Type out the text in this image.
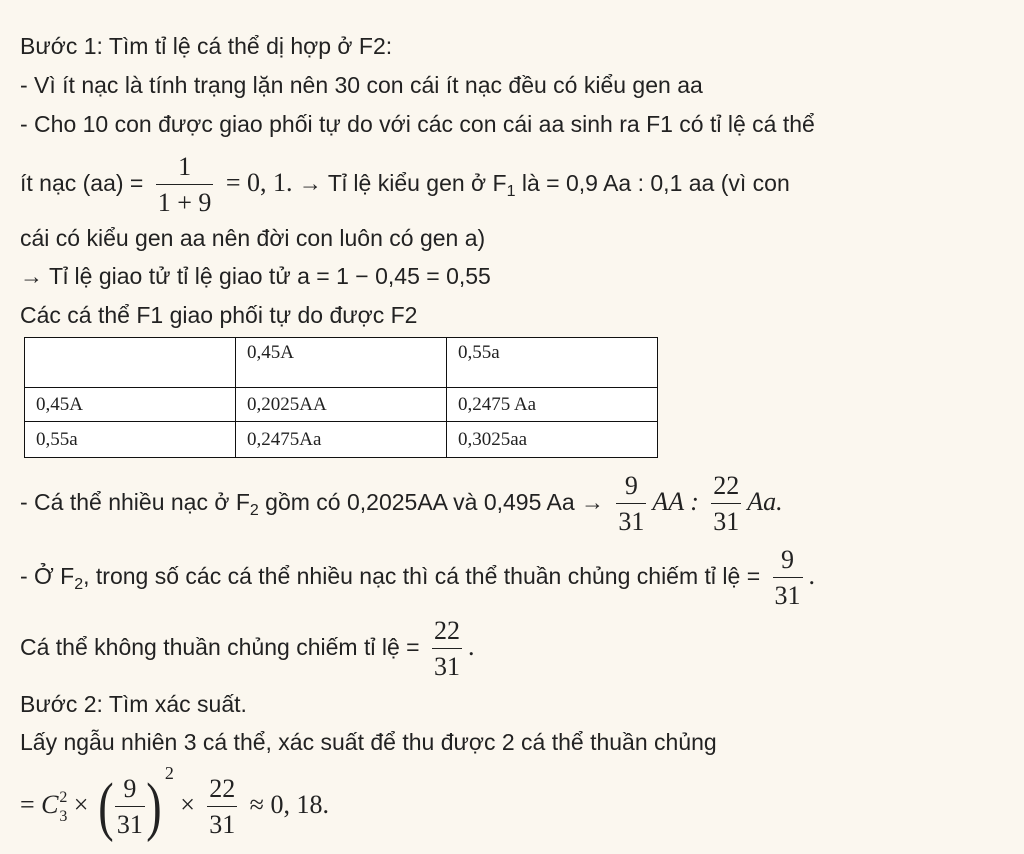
Bước 1: Tìm tỉ lệ cá thể dị hợp ở F2:
- Vì ít nạc là tính trạng lặn nên 30 con cái ít nạc đều có kiểu gen aa
- Cho 10 con được giao phối tự do với các con cái aa sinh ra F1 có tỉ lệ cá thể
ít nạc $(aa) = \frac{1}{1 + 9} = 0$, 1. → Tỉ lệ kiểu gen ở $F_1$ là = 0,9 Aa : 0,1 aa (vì con
cái có kiểu gen aa nên đời con luôn có gen a)
→ Tỉ lệ giao tử tỉ lệ giao tử a = 1 − 0,45 = 0,55
Các cá thể F1 giao phối tự do được F2
	0,45A	0,55a
0,45A	0,2025AA	0,2475 Aa
0,55a	0,2475Aa	0,3025aa
- Cá thể nhiều nạc ở $F_2$ gồm có 0,2025AA và 0,495 $Aa \to \frac{9}{31}$ AA : $\frac{22}{31} Aa$.
- Ở $F_2$, trong số các cá thể nhiều nạc thì cá thể thuần chủng chiếm tỉ lệ = $\frac{9}{31}$ .
Cá thể không thuần chủng chiếm tỉ lệ = $\frac{22}{31}$ .
Bước 2: Tìm xác suất.
Lấy ngẫu nhiên 3 cá thể, xác suất để thu được 2 cá thể thuần chủng
= $C^2_3$ × ( $\frac{9}{31}$ ) $^2 \times \frac{22}{31} \approx 0$, 18.
